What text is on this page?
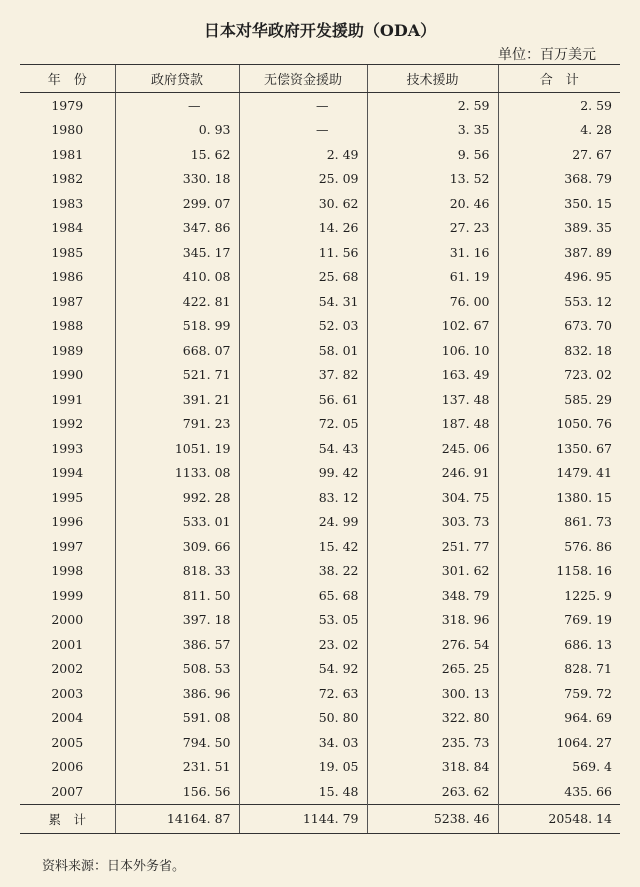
日本对华政府开发援助（ODA）
单位：百万美元
年　份	政府贷款	无偿资金援助	技术援助	合　计
1979	—	—	2. 59	2. 59
1980	0. 93	—	3. 35	4. 28
1981	15. 62	2. 49	9. 56	27. 67
1982	330. 18	25. 09	13. 52	368. 79
1983	299. 07	30. 62	20. 46	350. 15
1984	347. 86	14. 26	27. 23	389. 35
1985	345. 17	11. 56	31. 16	387. 89
1986	410. 08	25. 68	61. 19	496. 95
1987	422. 81	54. 31	76. 00	553. 12
1988	518. 99	52. 03	102. 67	673. 70
1989	668. 07	58. 01	106. 10	832. 18
1990	521. 71	37. 82	163. 49	723. 02
1991	391. 21	56. 61	137. 48	585. 29
1992	791. 23	72. 05	187. 48	1050. 76
1993	1051. 19	54. 43	245. 06	1350. 67
1994	1133. 08	99. 42	246. 91	1479. 41
1995	992. 28	83. 12	304. 75	1380. 15
1996	533. 01	24. 99	303. 73	861. 73
1997	309. 66	15. 42	251. 77	576. 86
1998	818. 33	38. 22	301. 62	1158. 16
1999	811. 50	65. 68	348. 79	1225. 9
2000	397. 18	53. 05	318. 96	769. 19
2001	386. 57	23. 02	276. 54	686. 13
2002	508. 53	54. 92	265. 25	828. 71
2003	386. 96	72. 63	300. 13	759. 72
2004	591. 08	50. 80	322. 80	964. 69
2005	794. 50	34. 03	235. 73	1064. 27
2006	231. 51	19. 05	318. 84	569. 4
2007	156. 56	15. 48	263. 62	435. 66
累　计	14164. 87	1144. 79	5238. 46	20548. 14
资料来源：日本外务省。
